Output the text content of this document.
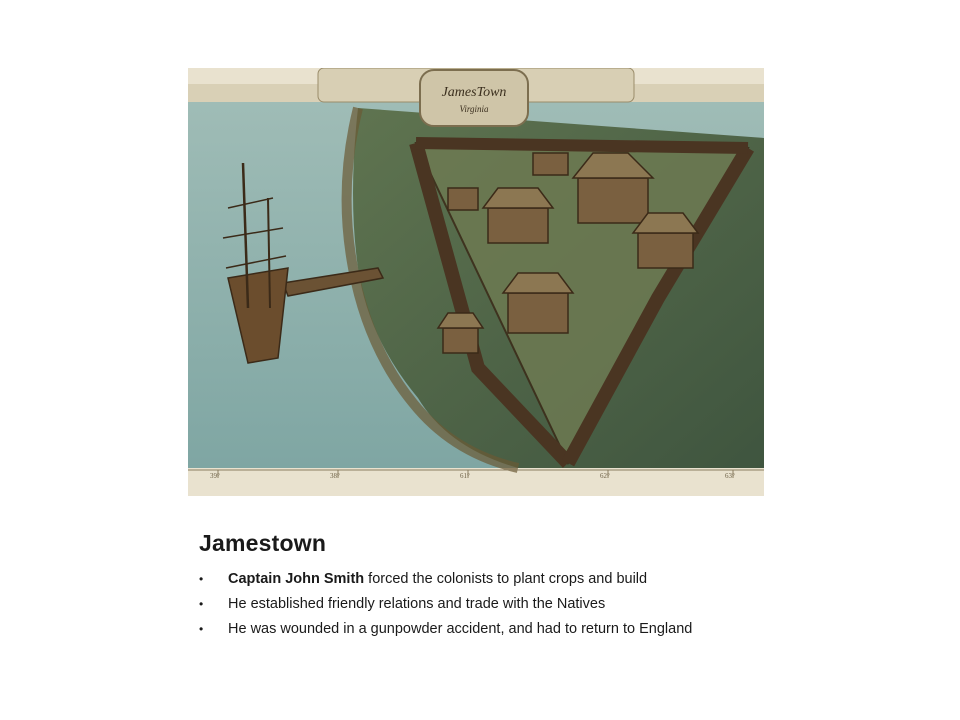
JamesTown
Virginia
39°	38°	61°	62°	63°
Jamestown
• Captain John Smith forced the colonists to plant crops and build
• He established friendly relations and trade with the Natives
• He was wounded in a gunpowder accident, and had to return to England
